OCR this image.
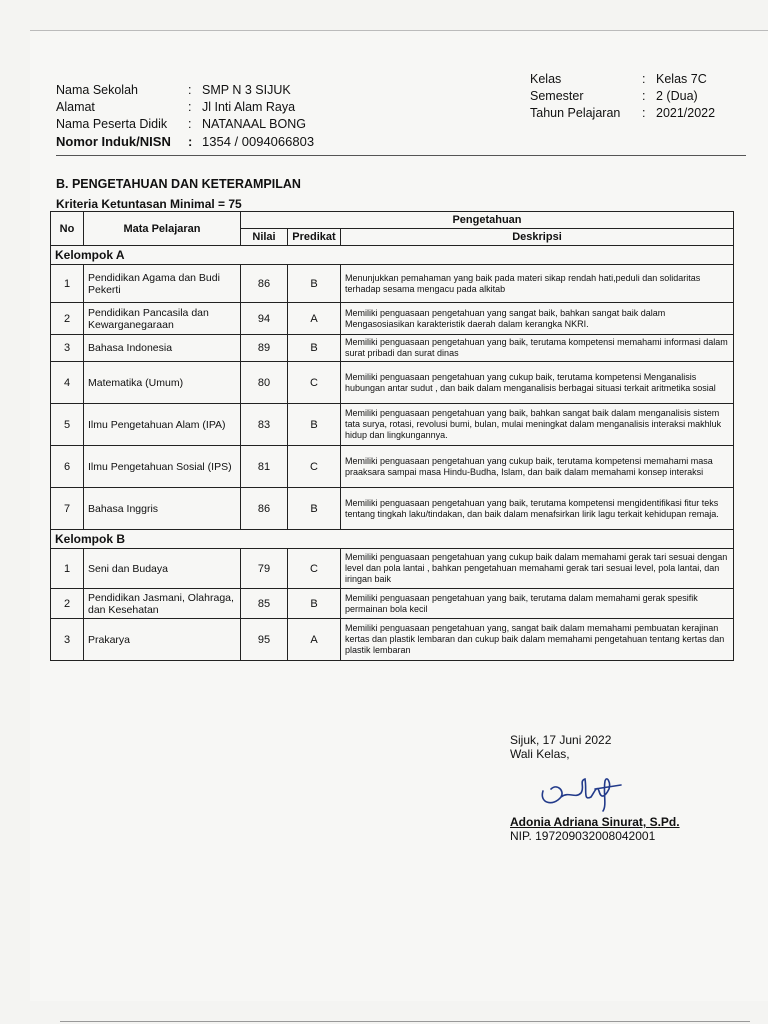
Nama Sekolah	: SMP N 3 SIJUK
Alamat	: Jl Inti Alam Raya
Nama Peserta Didik	: NATANAAL BONG
Nomor Induk/NISN	: 1354 / 0094066803
Kelas	: Kelas 7C
Semester	: 2 (Dua)
Tahun Pelajaran	: 2021/2022
B. PENGETAHUAN DAN KETERAMPILAN
Kriteria Ketuntasan Minimal = 75
No	Mata Pelajaran	Pengetahuan		
		Nilai	Predikat	Deskripsi
Kelompok A				
1	Pendidikan Agama dan Budi Pekerti	86	B	Menunjukkan pemahaman yang baik pada materi sikap rendah hati,peduli dan solidaritas terhadap sesama mengacu pada alkitab
2	Pendidikan Pancasila dan Kewarganegaraan	94	A	Memiliki penguasaan pengetahuan yang sangat baik, bahkan sangat baik dalam Mengasosiasikan karakteristik daerah dalam kerangka NKRI.
3	Bahasa Indonesia	89	B	Memiliki penguasaan pengetahuan yang baik, terutama kompetensi memahami informasi dalam surat pribadi dan surat dinas
4	Matematika (Umum)	80	C	Memiliki penguasaan pengetahuan yang cukup baik, terutama kompetensi Menganalisis hubungan antar sudut , dan baik dalam menganalisis berbagai situasi terkait aritmetika sosial
5	Ilmu Pengetahuan Alam (IPA)	83	B	Memiliki penguasaan pengetahuan yang baik, bahkan sangat baik dalam menganalisis sistem tata surya, rotasi, revolusi bumi, bulan, mulai meningkat dalam menganalisis interaksi makhluk hidup dan lingkungannya.
6	Ilmu Pengetahuan Sosial (IPS)	81	C	Memiliki penguasaan pengetahuan yang cukup baik, terutama kompetensi memahami masa praaksara sampai masa Hindu-Budha, Islam, dan baik dalam memahami konsep interaksi
7	Bahasa Inggris	86	B	Memiliki penguasaan pengetahuan yang baik, terutama kompetensi mengidentifikasi fitur teks tentang tingkah laku/tindakan, dan baik dalam menafsirkan lirik lagu terkait kehidupan remaja.
Kelompok B				
1	Seni dan Budaya	79	C	Memiliki penguasaan pengetahuan yang cukup baik dalam memahami gerak tari sesuai dengan level dan pola lantai , bahkan pengetahuan memahami gerak tari sesuai level, pola lantai, dan iringan baik
2	Pendidikan Jasmani, Olahraga, dan Kesehatan	85	B	Memiliki penguasaan pengetahuan yang baik, terutama dalam memahami gerak spesifik permainan bola kecil
3	Prakarya	95	A	Memiliki penguasaan pengetahuan yang, sangat baik dalam memahami pembuatan kerajinan kertas dan plastik lembaran dan cukup baik dalam memahami pengetahuan tentang kertas dan plastik lembaran
Sijuk, 17 Juni 2022
Wali Kelas,
Adonia Adriana Sinurat, S.Pd.
NIP. 197209032008042001
